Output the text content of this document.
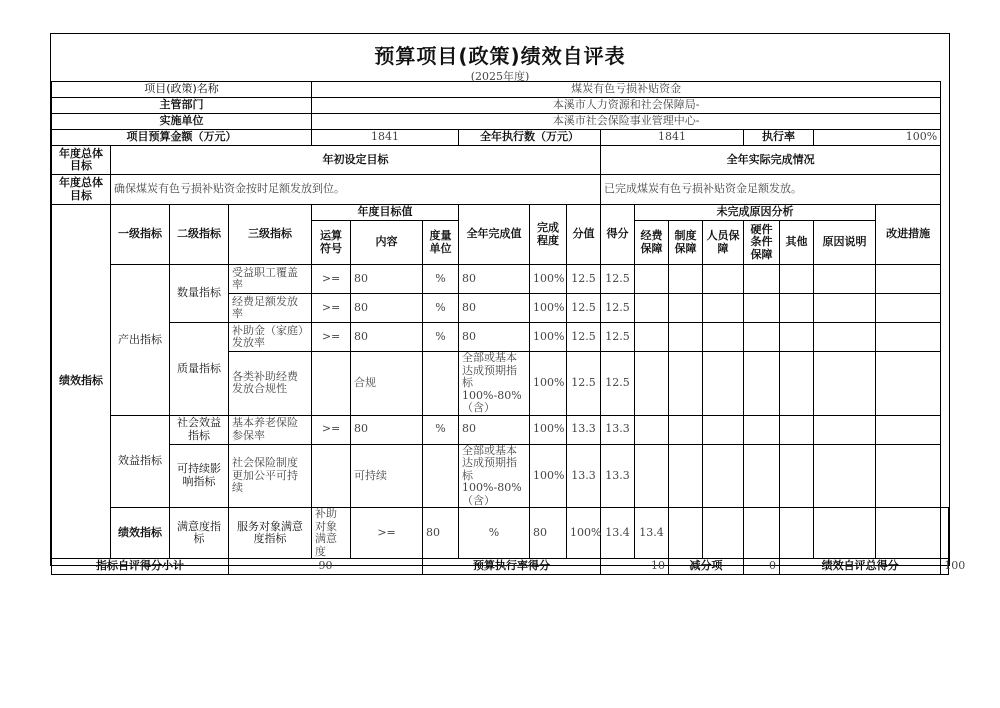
预算项目(政策)绩效自评表
(2025年度)
项目(政策)名称				煤炭有色亏损补贴资金														
主管部门				本溪市人力资源和社会保障局-														
实施单位				本溪市社会保险事业管理中心-														
项目预算金额（万元）				1841			全年执行数（万元）			1841				执行率		100%		
年度总体目标	年初设定目标									全年实际完成情况								
年度总体目标	确保煤炭有色亏损补贴资金按时足额发放到位。									已完成煤炭有色亏损补贴资金足额发放。								
绩效指标	一级指标	二级指标	三级指标	年度目标值			全年完成值	完成程度	分值	得分	未完成原因分析						改进措施	
				运算符号	内容	度量单位					经费保障	制度保障	人员保障	硬件条件保障	其他	原因说明		
	产出指标	数量指标	受益职工覆盖率	>=	80	%	80	100%	12.5	12.5								
			经费足额发放率	>=	80	%	80	100%	12.5	12.5								
		质量指标	补助金（家庭）发放率	>=	80	%	80	100%	12.5	12.5								
			各类补助经费发放合规性		合规		全部或基本达成预期指标100%-80%（含）	100%	12.5	12.5								
	效益指标	社会效益指标	基本养老保险参保率	>=	80	%	80	100%	13.3	13.3								
		可持续影响指标	社会保险制度更加公平可持续		可持续		全部或基本达成预期指标100%-80%（含）	100%	13.3	13.3								
	绩效指标	满意度指标	服务对象满意度指标	补助对象满意度	>=	80	%	80	100%	13.4	13.4							
指标自评得分小计			90			预算执行率得分				10		减分项		0	绩效自评总得分			100
